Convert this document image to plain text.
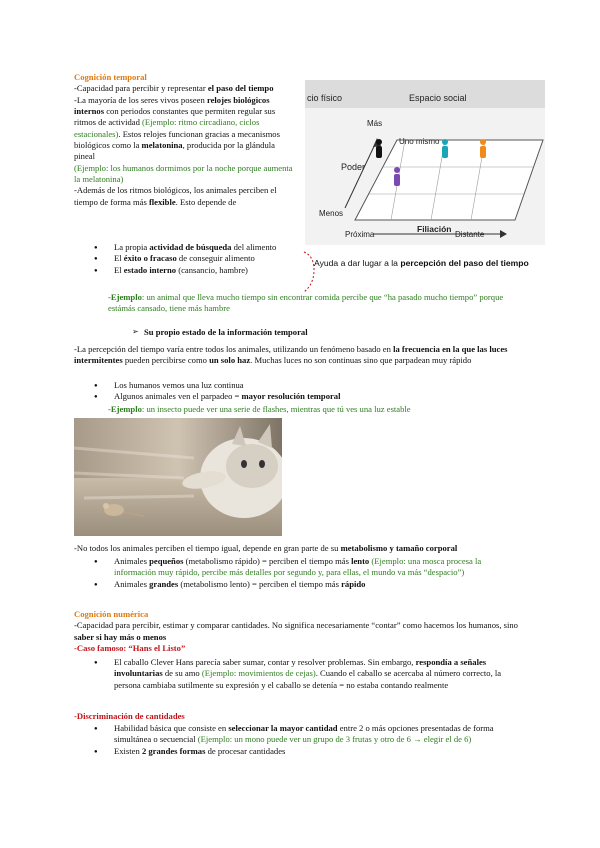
Cognición temporal

-Capacidad para percibir y representar el paso del tiempo

-La mayoría de los seres vivos poseen relojes biológicos internos con periodos constantes que permiten regular sus ritmos de actividad (Ejemplo: ritmo circadiano, ciclos estacionales). Estos relojes funcionan gracias a mecanismos biológicos como la melatonina, producida por la glándula pineal

(Ejemplo: los humanos dormimos por la noche porque aumenta la melatonina)

-Además de los ritmos biológicos, los animales perciben el tiempo de forma más flexible. Esto depende de

● La propia actividad de búsqueda del alimento
● El éxito o fracaso de conseguir alimento
● El estado interno (cansancio, hambre)

-Ejemplo: un animal que lleva mucho tiempo sin encontrar comida percibe que “ha pasado mucho tiempo” porque estámás cansado, tiene más hambre

➢ Su propio estado de la información temporal

cio físico	Espacio social
Más
Menos
Poder
Uno mismo
Próxima
Filiación
Distante
Ayuda a dar lugar a la percepción del paso del tiempo

-La percepción del tiempo varía entre todos los animales, utilizando un fenómeno basado en la frecuencia en la que las luces intermitentes pueden percibirse como un solo haz. Muchas luces no son continuas sino que parpadean muy rápido

● Los humanos vemos una luz continua
● Algunos animales ven el parpadeo = mayor resolución temporal

-Ejemplo: un insecto puede ver una serie de flashes, mientras que tú ves una luz estable

-No todos los animales perciben el tiempo igual, depende en gran parte de su metabolismo y tamaño corporal

● Animales pequeños (metabolismo rápido) = perciben el tiempo más lento (Ejemplo: una mosca procesa la información muy rápido, percibe más detalles por segundo y, para ellas, el mundo va más “despacio”)
● Animales grandes (metabolismo lento) = perciben el tiempo más rápido

Cognición numérica

-Capacidad para percibir, estimar y comparar cantidades. No significa necesariamente “contar” como hacemos los humanos, sino saber si hay más o menos

-Caso famoso: “Hans el Listo”

● El caballo Clever Hans parecía saber sumar, contar y resolver problemas. Sin embargo, respondía a señales involuntarias de su amo (Ejemplo: movimientos de cejas). Cuando el caballo se acercaba al número correcto, la persona cambiaba sutilmente su expresión y el caballo se detenía = no estaba contando realmente

-Discriminación de cantidades

● Habilidad básica que consiste en seleccionar la mayor cantidad entre 2 o más opciones presentadas de forma simultánea o secuencial (Ejemplo: un mono puede ver un grupo de 3 frutas y otro de 6 → elegir el de 6)
● Existen 2 grandes formas de procesar cantidades
